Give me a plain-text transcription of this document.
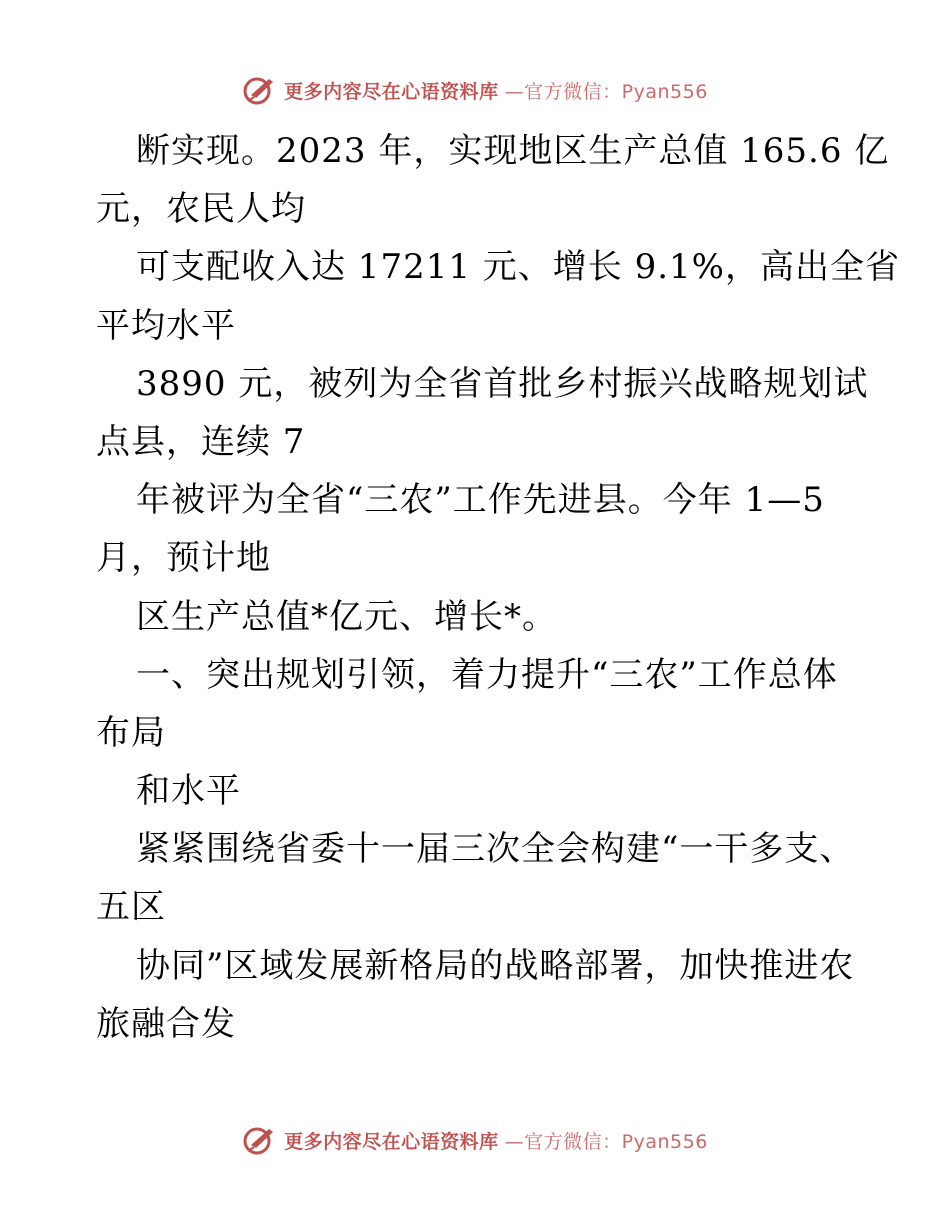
更多内容尽在心语资料库 —官方微信：Pyan556
断实现。2023 年，实现地区生产总值 165.6 亿
元，农民人均
可支配收入达 17211 元、增长 9.1%，高出全省
平均水平
3890 元，被列为全省首批乡村振兴战略规划试
点县，连续 7
年被评为全省“三农”工作先进县。今年 1—5
月，预计地
区生产总值*亿元、增长*。
一、突出规划引领，着力提升“三农”工作总体
布局
和水平
紧紧围绕省委十一届三次全会构建“一干多支、
五区
协同”区域发展新格局的战略部署，加快推进农
旅融合发
更多内容尽在心语资料库 —官方微信：Pyan556
